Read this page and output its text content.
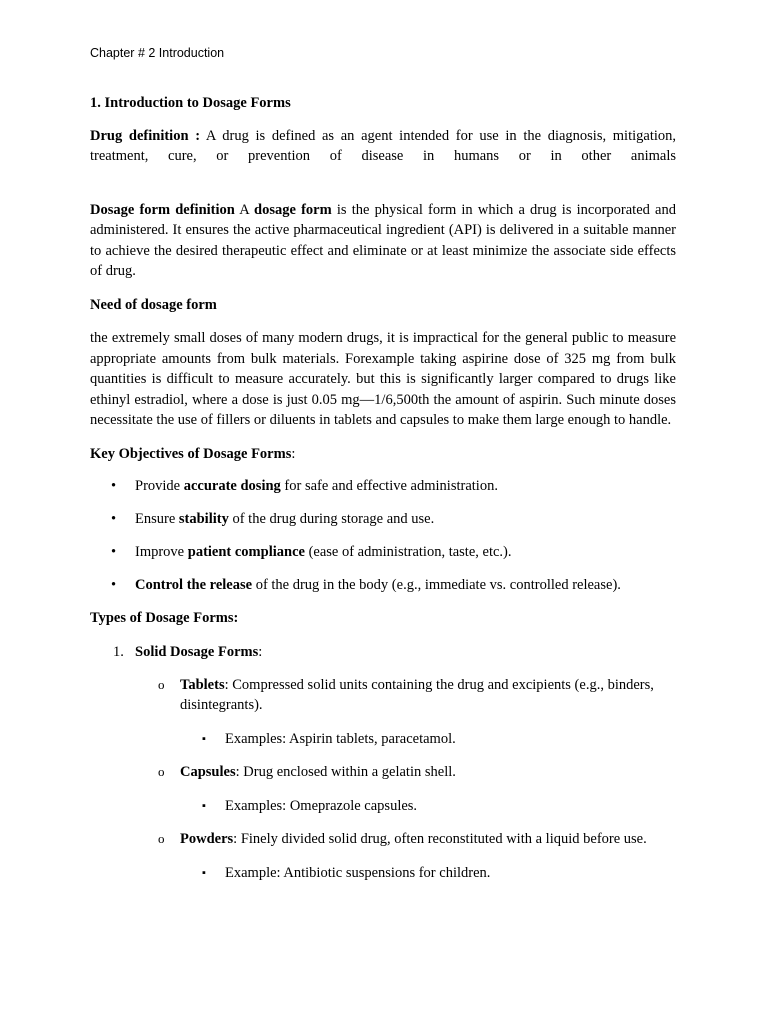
Chapter # 2 Introduction

1. Introduction to Dosage Forms

Drug definition : A drug is defined as an agent intended for use in the diagnosis, mitigation, treatment, cure, or prevention of disease in humans or in other animals

Dosage form definition A dosage form is the physical form in which a drug is incorporated and administered. It ensures the active pharmaceutical ingredient (API) is delivered in a suitable manner to achieve the desired therapeutic effect and eliminate or at least minimize the associate side effects of drug.

Need of dosage form

the extremely small doses of many modern drugs, it is impractical for the general public to measure appropriate amounts from bulk materials. Forexample taking aspirine dose of 325 mg from bulk quantities is difficult to measure accurately. but this is significantly larger compared to drugs like ethinyl estradiol, where a dose is just 0.05 mg—1/6,500th the amount of aspirin. Such minute doses necessitate the use of fillers or diluents in tablets and capsules to make them large enough to handle.

Key Objectives of Dosage Forms:

• Provide accurate dosing for safe and effective administration.
• Ensure stability of the drug during storage and use.
• Improve patient compliance (ease of administration, taste, etc.).
• Control the release of the drug in the body (e.g., immediate vs. controlled release).

Types of Dosage Forms:

1. Solid Dosage Forms:
o Tablets: Compressed solid units containing the drug and excipients (e.g., binders, disintegrants).
▪ Examples: Aspirin tablets, paracetamol.
o Capsules: Drug enclosed within a gelatin shell.
▪ Examples: Omeprazole capsules.
o Powders: Finely divided solid drug, often reconstituted with a liquid before use.
▪ Example: Antibiotic suspensions for children.
